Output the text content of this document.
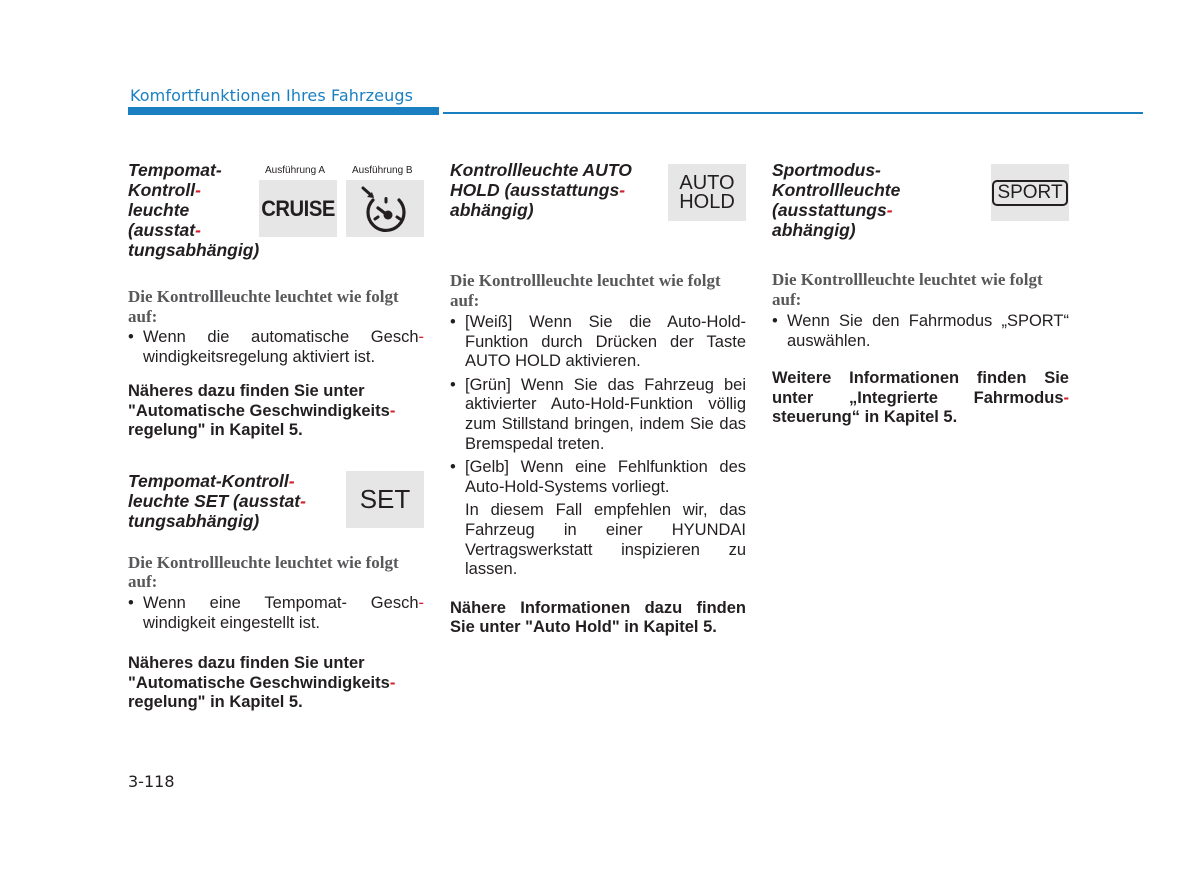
Komfortfunktionen Ihres Fahrzeugs
Tempomat-
Kontroll-
leuchte
(ausstat-
tungsabhängig)
Ausführung A	Ausführung B
CRUISE

Die Kontrollleuchte leuchtet wie folgt auf:

• Wenn die automatische Gesch- windigkeitsregelung aktiviert ist.
Näheres dazu finden Sie unter
"Automatische Geschwindigkeits-
regelung" in Kapitel 5.
Tempomat-Kontroll-
leuchte SET (ausstat-
tungsabhängig)
SET

Die Kontrollleuchte leuchtet wie folgt auf:

• Wenn eine Tempomat- Gesch- windigkeit eingestellt ist.
Näheres dazu finden Sie unter
"Automatische Geschwindigkeits-
regelung" in Kapitel 5.
Kontrollleuchte AUTO
HOLD (ausstattungs-
abhängig)
AUTO
HOLD

Die Kontrollleuchte leuchtet wie folgt auf:

• [Weiß] Wenn Sie die Auto-Hold-Funktion durch Drücken der Taste AUTO HOLD aktivieren.
• [Grün] Wenn Sie das Fahrzeug bei aktivierter Auto-Hold-Funktion völlig zum Stillstand bringen, indem Sie das Bremspedal treten.
• [Gelb] Wenn eine Fehlfunktion des Auto-Hold-Systems vorliegt.

In diesem Fall empfehlen wir, das Fahrzeug in einer HYUNDAI Vertragswerkstatt inspizieren zu lassen.

Nähere Informationen dazu finden Sie unter "Auto Hold" in Kapitel 5.

Sportmodus-
Kontrollleuchte
(ausstattungs-
abhängig)
SPORT

Die Kontrollleuchte leuchtet wie folgt auf:

• Wenn Sie den Fahrmodus „SPORT“ auswählen.
Weitere Informationen finden Sie unter „Integrierte Fahrmodus- steuerung“ in Kapitel 5.
3-118
